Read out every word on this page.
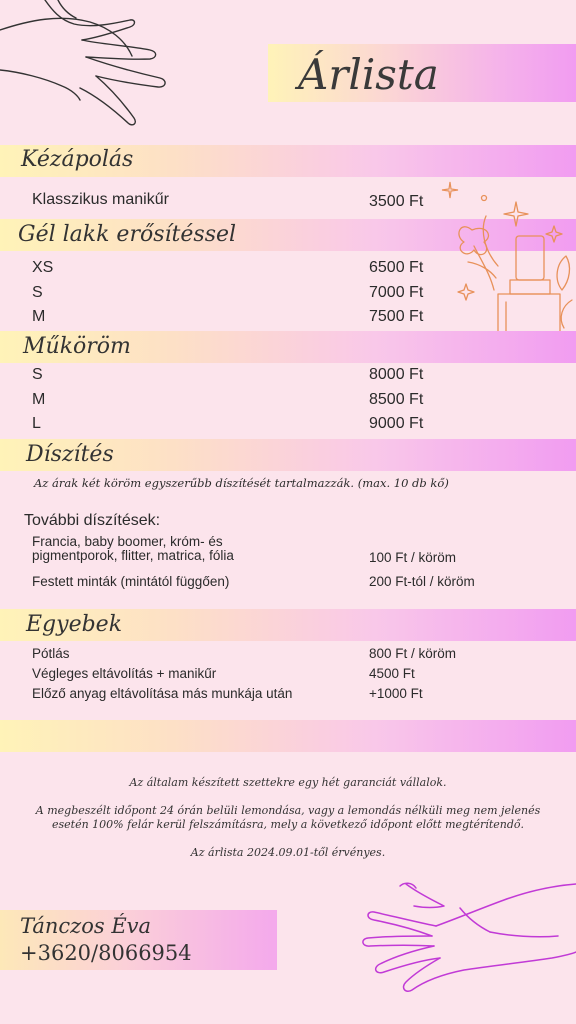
Árlista
Kézápolás
Klasszikus manikűr	3500 Ft
Gél lakk erősítéssel
XS	6500 Ft
S	7000 Ft
M	7500 Ft
Műköröm
S	8000 Ft
M	8500 Ft
L	9000 Ft
Díszítés
Az árak két köröm egyszerűbb díszítését tartalmazzák. (max. 10 db kő)
További díszítések:
Francia, baby boomer, króm- és
pigmentporok, flitter, matrica, fólia	100 Ft / köröm
Festett minták (mintától függően)	200 Ft-tól / köröm
Egyebek
Pótlás	800 Ft / köröm
Végleges eltávolítás + manikűr	4500 Ft
Előző anyag eltávolítása más munkája után	+1000 Ft
Az általam készített szettekre egy hét garanciát vállalok.
A megbeszélt időpont 24 órán belüli lemondása, vagy a lemondás nélküli meg nem jelenés
esetén 100% felár kerül felszámításra, mely a következő időpont előtt megtérítendő.
Az árlista 2024.09.01-től érvényes.
Tánczos Éva
+3620/8066954
